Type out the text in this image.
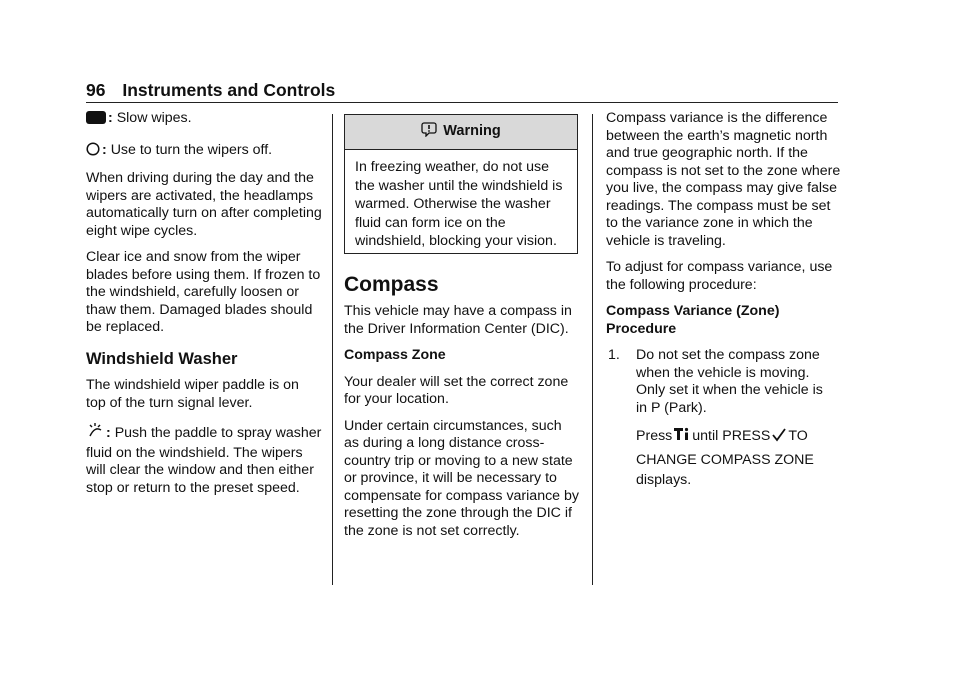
96 Instruments and Controls

: Slow wipes.

: Use to turn the wipers off.

When driving during the day and the wipers are activated, the headlamps automatically turn on after completing eight wipe cycles.

Clear ice and snow from the wiper blades before using them. If frozen to the windshield, carefully loosen or thaw them. Damaged blades should be replaced.

Windshield Washer

The windshield wiper paddle is on top of the turn signal lever.

: Push the paddle to spray washer fluid on the windshield. The wipers will clear the window and then either stop or return to the preset speed.

Warning
In freezing weather, do not use the washer until the windshield is warmed. Otherwise the washer fluid can form ice on the windshield, blocking your vision.
Compass

This vehicle may have a compass in the Driver Information Center (DIC).

Compass Zone

Your dealer will set the correct zone for your location.

Under certain circumstances, such as during a long distance cross-country trip or moving to a new state or province, it will be necessary to compensate for compass variance by resetting the zone through the DIC if the zone is not set correctly.

Compass variance is the difference between the earth’s magnetic north and true geographic north. If the compass is not set to the zone where you live, the compass may give false readings. The compass must be set to the variance zone in which the vehicle is traveling.

To adjust for compass variance, use the following procedure:

Compass Variance (Zone) Procedure

1.	Do not set the compass zone when the vehicle is moving. Only set it when the vehicle is in P (Park).
Press until PRESS TO
CHANGE COMPASS ZONE displays.
